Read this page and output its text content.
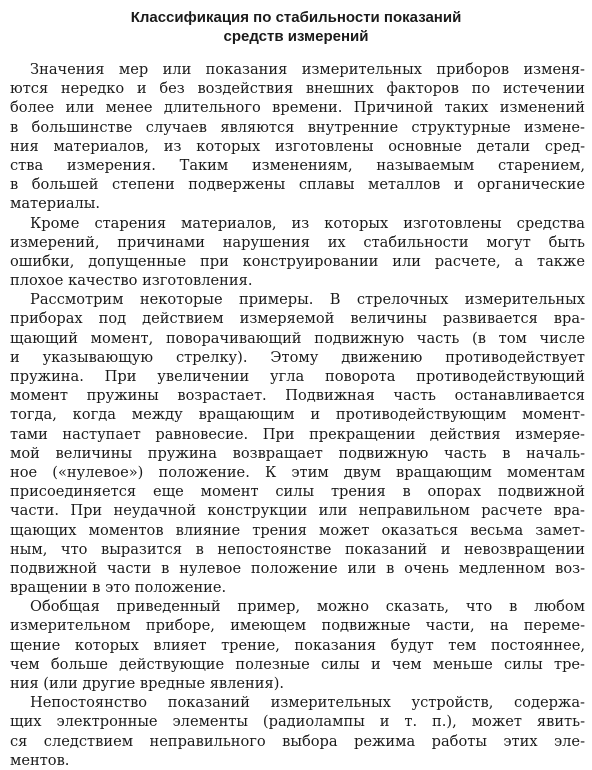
Классификация по стабильности показаний
средств измерений
Значения мер или показания измерительных приборов изменя-
ются нередко и без воздействия внешних факторов по истечении
более или менее длительного времени. Причиной таких изменений
в большинстве случаев являются внутренние структурные измене-
ния материалов, из которых изготовлены основные детали сред-
ства измерения. Таким изменениям, называемым старением,
в большей степени подвержены сплавы металлов и органические
материалы.
Кроме старения материалов, из которых изготовлены средства
измерений, причинами нарушения их стабильности могут быть
ошибки, допущенные при конструировании или расчете, а также
плохое качество изготовления.
Рассмотрим некоторые примеры. В стрелочных измерительных
приборах под действием измеряемой величины развивается вра-
щающий момент, поворачивающий подвижную часть (в том числе
и указывающую стрелку). Этому движению противодействует
пружина. При увеличении угла поворота противодействующий
момент пружины возрастает. Подвижная часть останавливается
тогда, когда между вращающим и противодействующим момент-
тами наступает равновесие. При прекращении действия измеряе-
мой величины пружина возвращает подвижную часть в началь-
ное («нулевое») положение. К этим двум вращающим моментам
присоединяется еще момент силы трения в опорах подвижной
части. При неудачной конструкции или неправильном расчете вра-
щающих моментов влияние трения может оказаться весьма замет-
ным, что выразится в непостоянстве показаний и невозвращении
подвижной части в нулевое положение или в очень медленном воз-
вращении в это положение.
Обобщая приведенный пример, можно сказать, что в любом
измерительном приборе, имеющем подвижные части, на переме-
щение которых влияет трение, показания будут тем постояннее,
чем больше действующие полезные силы и чем меньше силы тре-
ния (или другие вредные явления).
Непостоянство показаний измерительных устройств, содержа-
щих электронные элементы (радиолампы и т. п.), может явить-
ся следствием неправильного выбора режима работы этих эле-
ментов.
